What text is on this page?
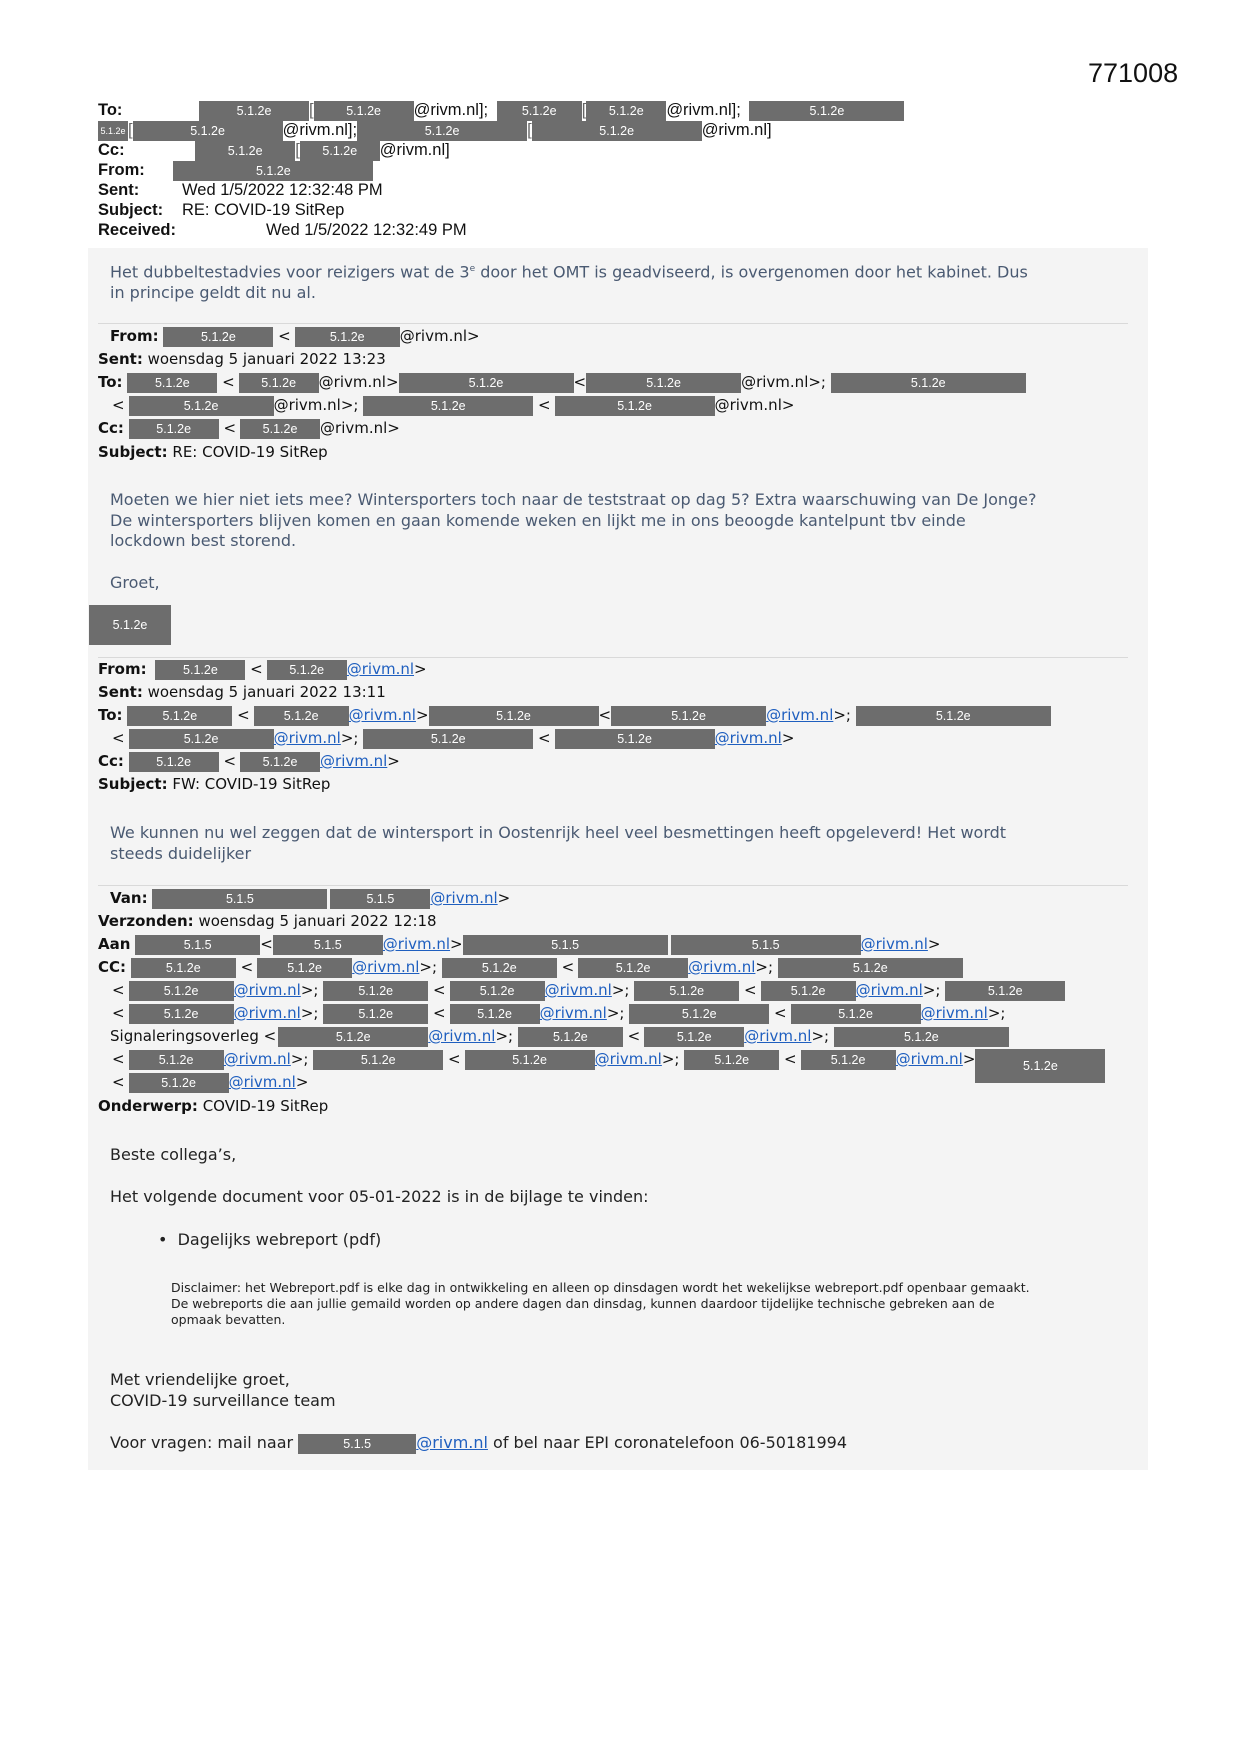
771008
To:	5.1.2e [	5.1.2e @rivm.nl];	5.1.2e [ 5.1.2e @rivm.nl];	5.1.2e
5.1.2e [	5.1.2e	@rivm.nl];	5.1.2e	[	5.1.2e	@rivm.nl]
Cc:	5.1.2e [ 5.1.2e @rivm.nl]
From:	5.1.2e
Sent:	Wed 1/5/2022 12:32:48 PM
Subject: RE: COVID-19 SitRep
Received:	Wed 1/5/2022 12:32:49 PM
Het dubbeltestadvies voor reizigers wat de 3e door het OMT is geadviseerd, is overgenomen door het kabinet. Dus
in principe geldt dit nu al.
From:	5.1.2e	<	5.1.2e @rivm.nl>
Sent: woensdag 5 januari 2022 13:23
To:	5.1.2e < 5.1.2e @rivm.nl>	5.1.2e	<	5.1.2e	@rivm.nl>;	5.1.2e
<	5.1.2e	@rivm.nl>;	5.1.2e	<	5.1.2e	@rivm.nl>
Cc:	5.1.2e < 5.1.2e @rivm.nl>
Subject: RE: COVID-19 SitRep
Moeten we hier niet iets mee? Wintersporters toch naar de teststraat op dag 5? Extra waarschuwing van De Jonge?
De wintersporters blijven komen en gaan komende weken en lijkt me in ons beoogde kantelpunt tbv einde
lockdown best storend.
Groet,
5.1.2e
From:	5.1.2e < 5.1.2e @rivm.nl>
Sent: woensdag 5 januari 2022 13:11
To:	5.1.2e <	5.1.2e @rivm.nl>	5.1.2e	<	5.1.2e	@rivm.nl>;	5.1.2e
<	5.1.2e	@rivm.nl>;	5.1.2e	<	5.1.2e	@rivm.nl>
Cc:	5.1.2e < 5.1.2e @rivm.nl>
Subject: FW: COVID-19 SitRep
We kunnen nu wel zeggen dat de wintersport in Oostenrijk heel veel besmettingen heeft opgeleverd! Het wordt
steeds duidelijker
Van:	5.1.5	5.1.5 @rivm.nl>
Verzonden: woensdag 5 januari 2022 12:18
Aan	5.1.5	<	5.1.5	@rivm.nl>	5.1.5	5.1.5	@rivm.nl>
CC:	5.1.2e <	5.1.2e @rivm.nl>;	5.1.2e	<	5.1.2e	@rivm.nl>;	5.1.2e
<	5.1.2e @rivm.nl>;	5.1.2e <	5.1.2e @rivm.nl>;	5.1.2e <	5.1.2e @rivm.nl>;	5.1.2e
<	5.1.2e @rivm.nl>;	5.1.2e <	5.1.2e @rivm.nl>;	5.1.2e	<	5.1.2e	@rivm.nl>;
Signaleringsoverleg <	5.1.2e	@rivm.nl>;	5.1.2e <	5.1.2e @rivm.nl>;	5.1.2e
<	5.1.2e @rivm.nl>;	5.1.2e	<	5.1.2e	@rivm.nl>; 5.1.2e <	5.1.2e @rivm.nl>	5.1.2e
<	5.1.2e @rivm.nl>
Onderwerp: COVID-19 SitRep
Beste collega’s,
Het volgende document voor 05-01-2022 is in de bijlage te vinden:
•  Dagelijks webreport (pdf)
Disclaimer: het Webreport.pdf is elke dag in ontwikkeling en alleen op dinsdagen wordt het wekelijkse webreport.pdf openbaar gemaakt.
De webreports die aan jullie gemaild worden op andere dagen dan dinsdag, kunnen daardoor tijdelijke technische gebreken aan de
opmaak bevatten.
Met vriendelijke groet,
COVID-19 surveillance team
Voor vragen: mail naar	5.1.5	@rivm.nl of bel naar EPI coronatelefoon 06-50181994
